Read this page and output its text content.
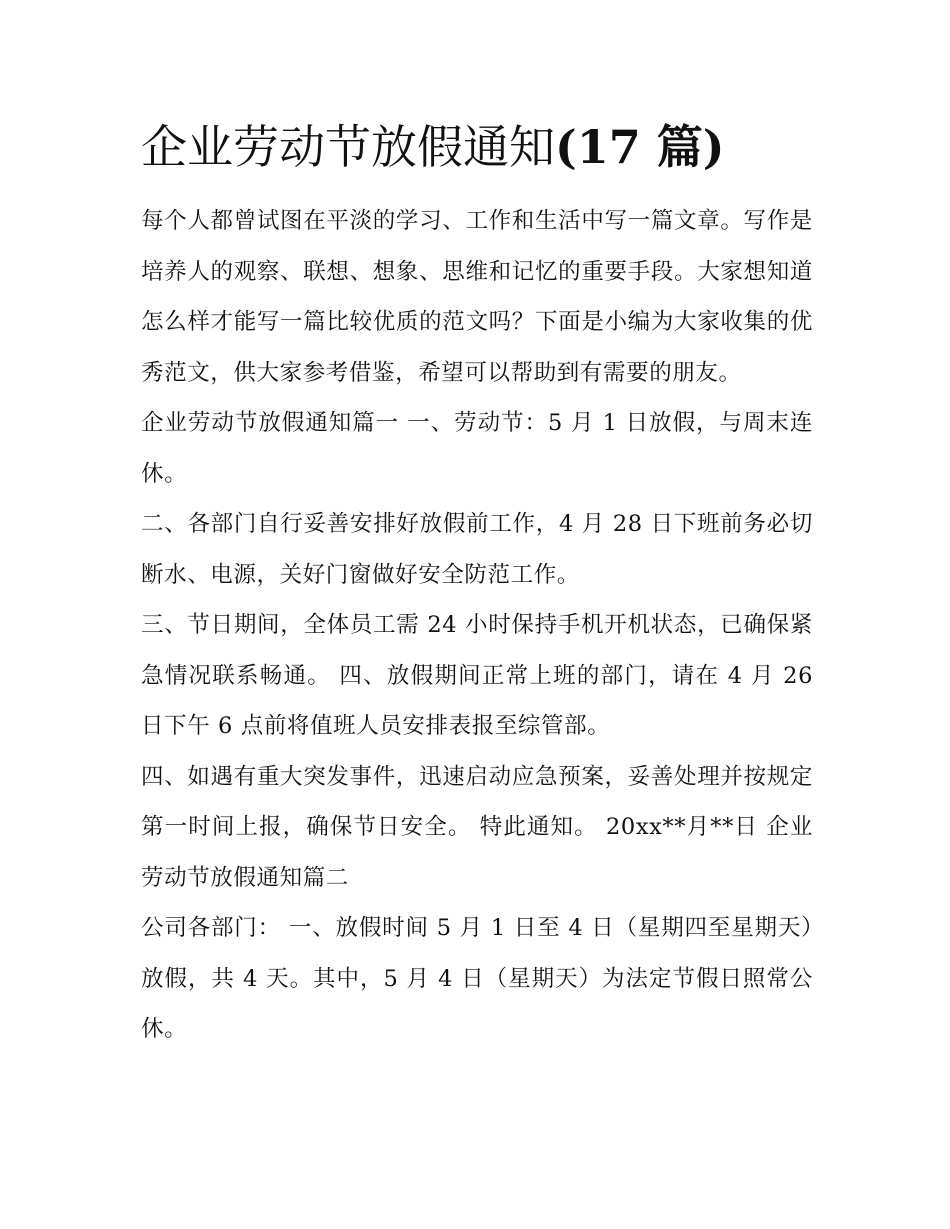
企业劳动节放假通知(17 篇)

每个人都曾试图在平淡的学习、工作和生活中写一篇文章。写作是培养人的观察、联想、想象、思维和记忆的重要手段。大家想知道怎么样才能写一篇比较优质的范文吗？下面是小编为大家收集的优秀范文，供大家参考借鉴，希望可以帮助到有需要的朋友。

企业劳动节放假通知篇一 一、劳动节：5 月 1 日放假，与周末连休。

二、各部门自行妥善安排好放假前工作，4 月 28 日下班前务必切断水、电源，关好门窗做好安全防范工作。

三、节日期间，全体员工需 24 小时保持手机开机状态，已确保紧急情况联系畅通。 四、放假期间正常上班的部门，请在 4 月 26 日下午 6 点前将值班人员安排表报至综管部。

四、如遇有重大突发事件，迅速启动应急预案，妥善处理并按规定第一时间上报，确保节日安全。 特此通知。 20xx**月**日 企业劳动节放假通知篇二

公司各部门： 一、放假时间 5 月 1 日至 4 日（星期四至星期天）放假，共 4 天。其中，5 月 4 日（星期天）为法定节假日照常公休。
